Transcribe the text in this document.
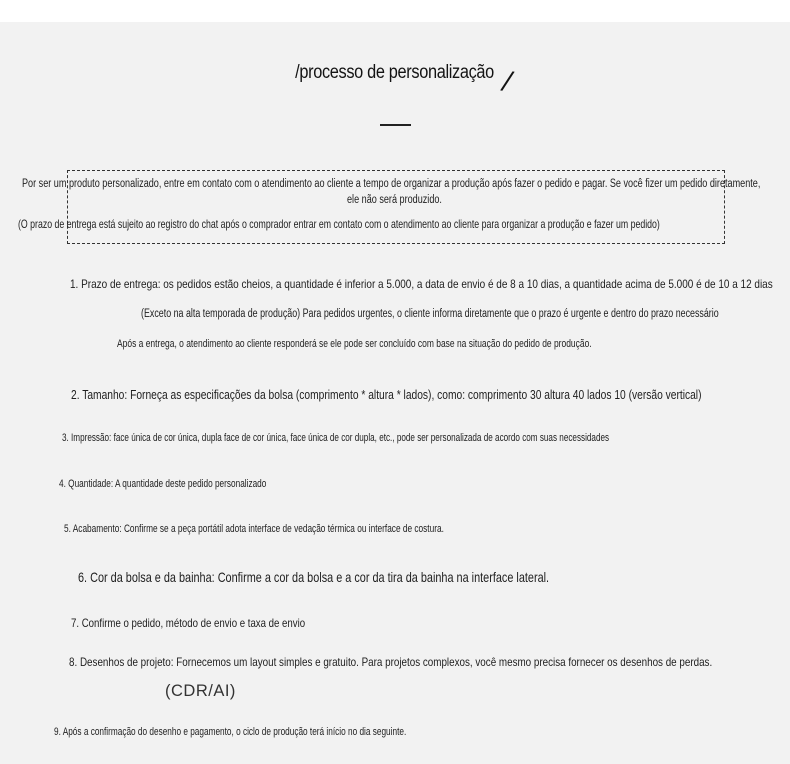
/processo de personalização /
Por ser um produto personalizado, entre em contato com o atendimento ao cliente a tempo de organizar a produção após fazer o pedido e pagar. Se você fizer um pedido diretamente,
ele não será produzido.
(O prazo de entrega está sujeito ao registro do chat após o comprador entrar em contato com o atendimento ao cliente para organizar a produção e fazer um pedido)
1. Prazo de entrega: os pedidos estão cheios, a quantidade é inferior a 5.000, a data de envio é de 8 a 10 dias, a quantidade acima de 5.000 é de 10 a 12 dias
(Exceto na alta temporada de produção) Para pedidos urgentes, o cliente informa diretamente que o prazo é urgente e dentro do prazo necessário
Após a entrega, o atendimento ao cliente responderá se ele pode ser concluído com base na situação do pedido de produção.
2. Tamanho: Forneça as especificações da bolsa (comprimento * altura * lados), como: comprimento 30 altura 40 lados 10 (versão vertical)
3. Impressão: face única de cor única, dupla face de cor única, face única de cor dupla, etc., pode ser personalizada de acordo com suas necessidades
4. Quantidade: A quantidade deste pedido personalizado
5. Acabamento: Confirme se a peça portátil adota interface de vedação térmica ou interface de costura.
6. Cor da bolsa e da bainha: Confirme a cor da bolsa e a cor da tira da bainha na interface lateral.
7. Confirme o pedido, método de envio e taxa de envio
8. Desenhos de projeto: Fornecemos um layout simples e gratuito. Para projetos complexos, você mesmo precisa fornecer os desenhos de perdas.
(CDR/AI)
9. Após a confirmação do desenho e pagamento, o ciclo de produção terá início no dia seguinte.
